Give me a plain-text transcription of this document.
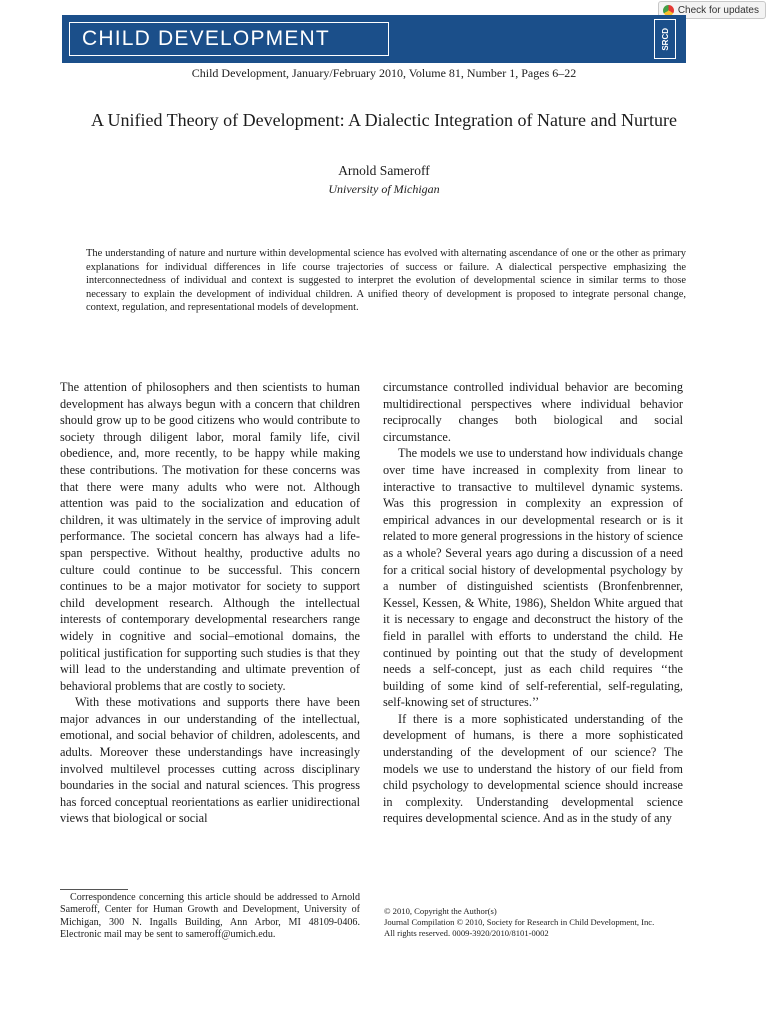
Check for updates
CHILD DEVELOPMENT	SRCD
Child Development, January/February 2010, Volume 81, Number 1, Pages 6–22
A Unified Theory of Development: A Dialectic Integration of Nature and Nurture
Arnold Sameroff
University of Michigan

The understanding of nature and nurture within developmental science has evolved with alternating ascendance of one or the other as primary explanations for individual differences in life course trajectories of success or failure. A dialectical perspective emphasizing the interconnectedness of individual and context is suggested to interpret the evolution of developmental science in similar terms to those necessary to explain the development of individual children. A unified theory of development is proposed to integrate personal change, context, regulation, and representational models of development.

The attention of philosophers and then scientists to human development has always begun with a concern that children should grow up to be good citizens who would contribute to society through diligent labor, moral family life, civil obedience, and, more recently, to be happy while making these contributions. The motivation for these concerns was that there were many adults who were not. Although attention was paid to the socialization and education of children, it was ultimately in the service of improving adult performance. The societal concern has always had a life-span perspective. Without healthy, productive adults no culture could continue to be successful. This concern continues to be a major motivator for society to support child development research. Although the intellectual interests of contemporary developmental researchers range widely in cognitive and social–emotional domains, the political justification for supporting such studies is that they will lead to the understanding and ultimate prevention of behavioral problems that are costly to society.

With these motivations and supports there have been major advances in our understanding of the intellectual, emotional, and social behavior of children, adolescents, and adults. Moreover these understandings have increasingly involved multilevel processes cutting across disciplinary boundaries in the social and natural sciences. This progress has forced conceptual reorientations as earlier unidirectional views that biological or social

circumstance controlled individual behavior are becoming multidirectional perspectives where individual behavior reciprocally changes both biological and social circumstance.

The models we use to understand how individuals change over time have increased in complexity from linear to interactive to transactive to multilevel dynamic systems. Was this progression in complexity an expression of empirical advances in our developmental research or is it related to more general progressions in the history of science as a whole? Several years ago during a discussion of a need for a critical social history of developmental psychology by a number of distinguished scientists (Bronfenbrenner, Kessel, Kessen, & White, 1986), Sheldon White argued that it is necessary to engage and deconstruct the history of the field in parallel with efforts to understand the child. He continued by pointing out that the study of development needs a self-concept, just as each child requires ‘‘the building of some kind of self-referential, self-regulating, self-knowing set of structures.’’

If there is a more sophisticated understanding of the development of humans, is there a more sophisticated understanding of the development of our science? The models we use to understand the history of our field from child psychology to developmental science should increase in complexity. Understanding developmental science requires developmental science. And as in the study of any

Correspondence concerning this article should be addressed to Arnold Sameroff, Center for Human Growth and Development, University of Michigan, 300 N. Ingalls Building, Ann Arbor, MI 48109-0406. Electronic mail may be sent to sameroff@umich.edu.

© 2010, Copyright the Author(s)
Journal Compilation © 2010, Society for Research in Child Development, Inc.
All rights reserved. 0009-3920/2010/8101-0002
